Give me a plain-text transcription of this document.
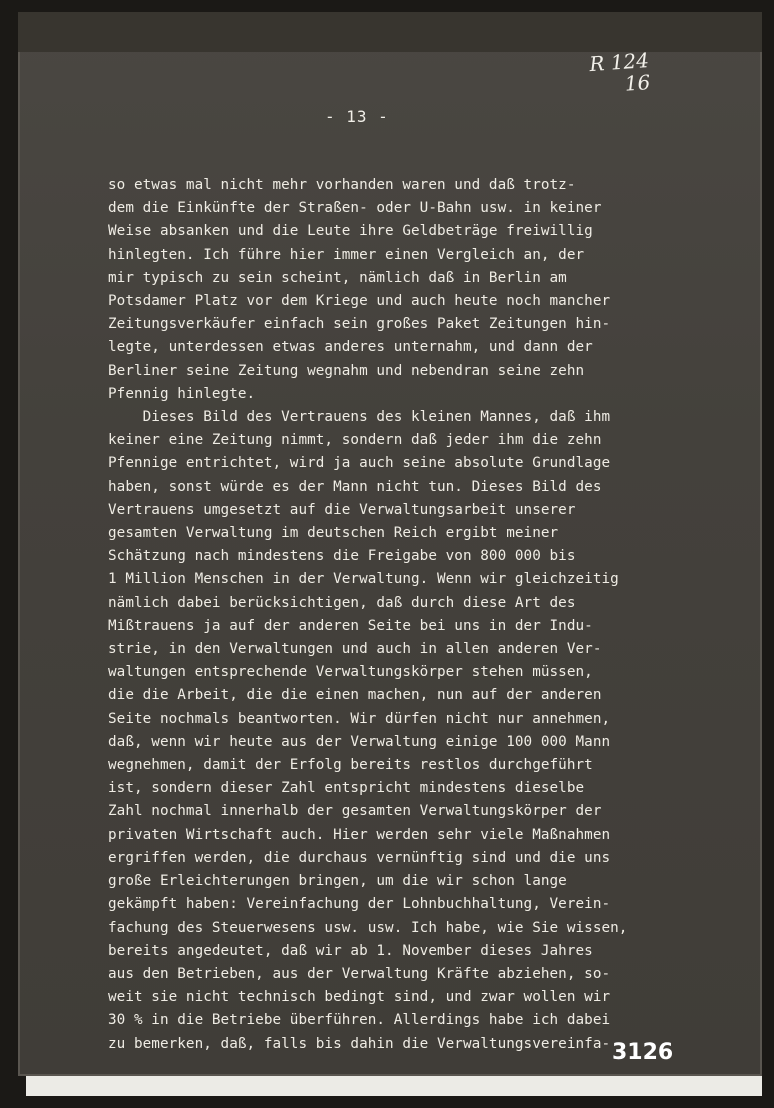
R 124
16
- 13 -
so etwas mal nicht mehr vorhanden waren und daß trotz-
dem die Einkünfte der Straßen- oder U-Bahn usw. in keiner
Weise absanken und die Leute ihre Geldbeträge freiwillig
hinlegten. Ich führe hier immer einen Vergleich an, der
mir typisch zu sein scheint, nämlich daß in Berlin am
Potsdamer Platz vor dem Kriege und auch heute noch mancher
Zeitungsverkäufer einfach sein großes Paket Zeitungen hin-
legte, unterdessen etwas anderes unternahm, und dann der
Berliner seine Zeitung wegnahm und nebendran seine zehn
Pfennig hinlegte.
Dieses Bild des Vertrauens des kleinen Mannes, daß ihm
keiner eine Zeitung nimmt, sondern daß jeder ihm die zehn
Pfennige entrichtet, wird ja auch seine absolute Grundlage
haben, sonst würde es der Mann nicht tun. Dieses Bild des
Vertrauens umgesetzt auf die Verwaltungsarbeit unserer
gesamten Verwaltung im deutschen Reich ergibt meiner
Schätzung nach mindestens die Freigabe von 800 000 bis
1 Million Menschen in der Verwaltung. Wenn wir gleichzeitig
nämlich dabei berücksichtigen, daß durch diese Art des
Mißtrauens ja auf der anderen Seite bei uns in der Indu-
strie, in den Verwaltungen und auch in allen anderen Ver-
waltungen entsprechende Verwaltungskörper stehen müssen,
die die Arbeit, die die einen machen, nun auf der anderen
Seite nochmals beantworten. Wir dürfen nicht nur annehmen,
daß, wenn wir heute aus der Verwaltung einige 100 000 Mann
wegnehmen, damit der Erfolg bereits restlos durchgeführt
ist, sondern dieser Zahl entspricht mindestens dieselbe
Zahl nochmal innerhalb der gesamten Verwaltungskörper der
privaten Wirtschaft auch. Hier werden sehr viele Maßnahmen
ergriffen werden, die durchaus vernünftig sind und die uns
große Erleichterungen bringen, um die wir schon lange
gekämpft haben: Vereinfachung der Lohnbuchhaltung, Verein-
fachung des Steuerwesens usw. usw. Ich habe, wie Sie wissen,
bereits angedeutet, daß wir ab 1. November dieses Jahres
aus den Betrieben, aus der Verwaltung Kräfte abziehen, so-
weit sie nicht technisch bedingt sind, und zwar wollen wir
30 % in die Betriebe überführen. Allerdings habe ich dabei
zu bemerken, daß, falls bis dahin die Verwaltungsvereinfa- 3126
